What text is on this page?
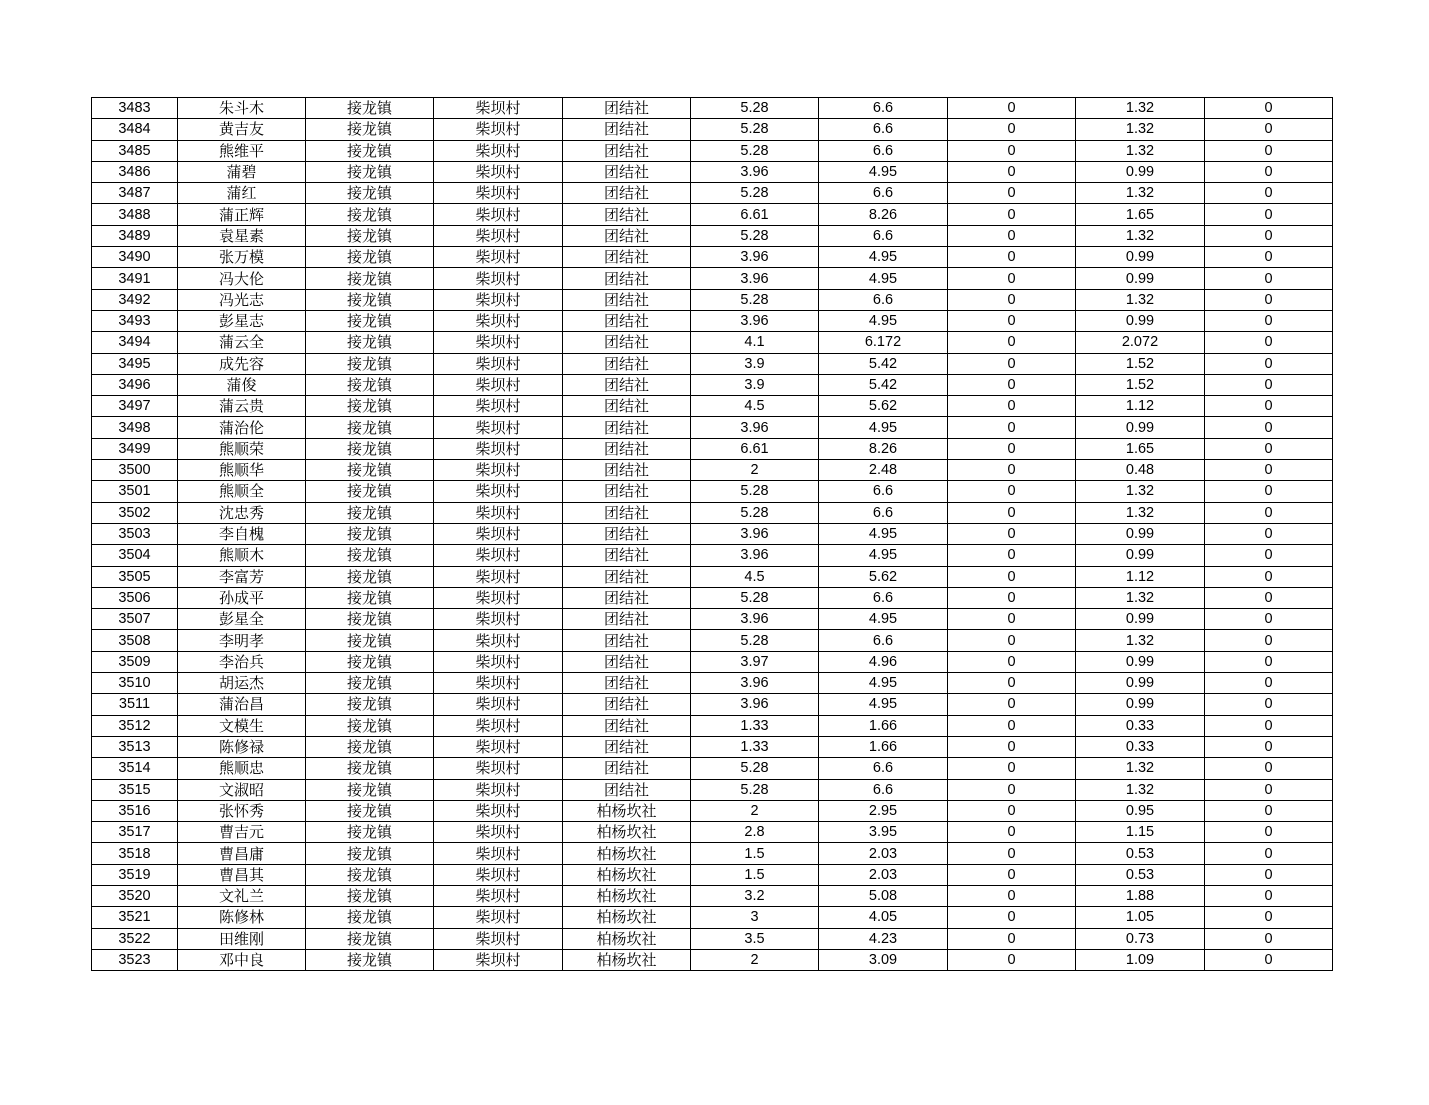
3483	朱斗木	接龙镇	柴坝村	团结社	5.28	6.6	0	1.32	0
3484	黄吉友	接龙镇	柴坝村	团结社	5.28	6.6	0	1.32	0
3485	熊维平	接龙镇	柴坝村	团结社	5.28	6.6	0	1.32	0
3486	蒲碧	接龙镇	柴坝村	团结社	3.96	4.95	0	0.99	0
3487	蒲红	接龙镇	柴坝村	团结社	5.28	6.6	0	1.32	0
3488	蒲正辉	接龙镇	柴坝村	团结社	6.61	8.26	0	1.65	0
3489	袁星素	接龙镇	柴坝村	团结社	5.28	6.6	0	1.32	0
3490	张万模	接龙镇	柴坝村	团结社	3.96	4.95	0	0.99	0
3491	冯大伦	接龙镇	柴坝村	团结社	3.96	4.95	0	0.99	0
3492	冯光志	接龙镇	柴坝村	团结社	5.28	6.6	0	1.32	0
3493	彭星志	接龙镇	柴坝村	团结社	3.96	4.95	0	0.99	0
3494	蒲云全	接龙镇	柴坝村	团结社	4.1	6.172	0	2.072	0
3495	成先容	接龙镇	柴坝村	团结社	3.9	5.42	0	1.52	0
3496	蒲俊	接龙镇	柴坝村	团结社	3.9	5.42	0	1.52	0
3497	蒲云贵	接龙镇	柴坝村	团结社	4.5	5.62	0	1.12	0
3498	蒲治伦	接龙镇	柴坝村	团结社	3.96	4.95	0	0.99	0
3499	熊顺荣	接龙镇	柴坝村	团结社	6.61	8.26	0	1.65	0
3500	熊顺华	接龙镇	柴坝村	团结社	2	2.48	0	0.48	0
3501	熊顺全	接龙镇	柴坝村	团结社	5.28	6.6	0	1.32	0
3502	沈忠秀	接龙镇	柴坝村	团结社	5.28	6.6	0	1.32	0
3503	李自槐	接龙镇	柴坝村	团结社	3.96	4.95	0	0.99	0
3504	熊顺木	接龙镇	柴坝村	团结社	3.96	4.95	0	0.99	0
3505	李富芳	接龙镇	柴坝村	团结社	4.5	5.62	0	1.12	0
3506	孙成平	接龙镇	柴坝村	团结社	5.28	6.6	0	1.32	0
3507	彭星全	接龙镇	柴坝村	团结社	3.96	4.95	0	0.99	0
3508	李明孝	接龙镇	柴坝村	团结社	5.28	6.6	0	1.32	0
3509	李治兵	接龙镇	柴坝村	团结社	3.97	4.96	0	0.99	0
3510	胡运杰	接龙镇	柴坝村	团结社	3.96	4.95	0	0.99	0
3511	蒲治昌	接龙镇	柴坝村	团结社	3.96	4.95	0	0.99	0
3512	文模生	接龙镇	柴坝村	团结社	1.33	1.66	0	0.33	0
3513	陈修禄	接龙镇	柴坝村	团结社	1.33	1.66	0	0.33	0
3514	熊顺忠	接龙镇	柴坝村	团结社	5.28	6.6	0	1.32	0
3515	文淑昭	接龙镇	柴坝村	团结社	5.28	6.6	0	1.32	0
3516	张怀秀	接龙镇	柴坝村	柏杨坎社	2	2.95	0	0.95	0
3517	曹吉元	接龙镇	柴坝村	柏杨坎社	2.8	3.95	0	1.15	0
3518	曹昌庸	接龙镇	柴坝村	柏杨坎社	1.5	2.03	0	0.53	0
3519	曹昌其	接龙镇	柴坝村	柏杨坎社	1.5	2.03	0	0.53	0
3520	文礼兰	接龙镇	柴坝村	柏杨坎社	3.2	5.08	0	1.88	0
3521	陈修林	接龙镇	柴坝村	柏杨坎社	3	4.05	0	1.05	0
3522	田维刚	接龙镇	柴坝村	柏杨坎社	3.5	4.23	0	0.73	0
3523	邓中良	接龙镇	柴坝村	柏杨坎社	2	3.09	0	1.09	0
